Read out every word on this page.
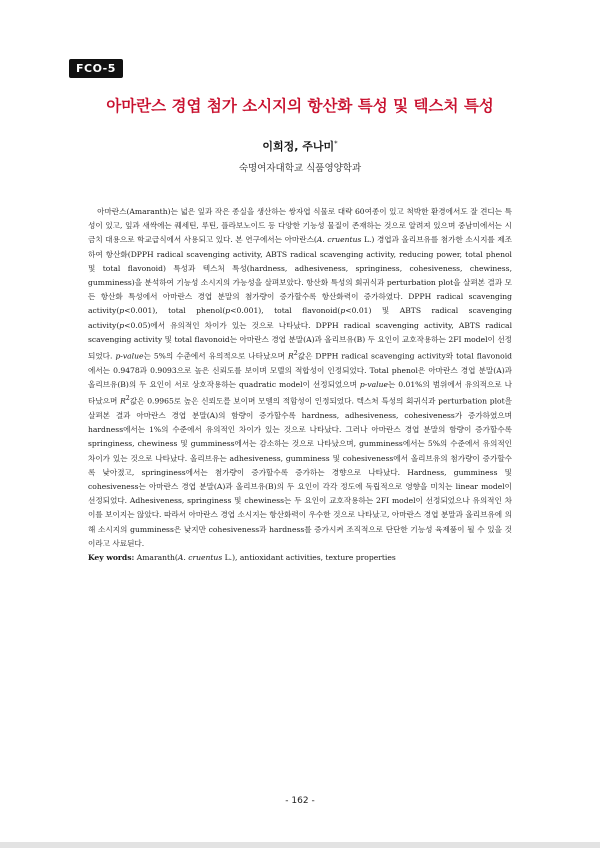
FCO-5
아마란스 경엽 첨가 소시지의 항산화 특성 및 텍스처 특성
이희정, 주나미*
숙명여자대학교 식품영양학과

아마란스(Amaranth)는 넓은 잎과 작은 종실을 생산하는 쌍자엽 식물로 대략 60여종이 있고 척박한 환경에서도 잘 견디는 특성이 있고, 잎과 새싹에는 퀘세틴, 루틴, 플라보노이드 등 다양한 기능성 물질이 존재하는 것으로 알려져 있으며 중남미에서는 시금치 대용으로 학교급식에서 사용되고 있다. 본 연구에서는 아마란스(A. cruentus L.) 경엽과 올리브유를 첨가한 소시지를 제조하여 항산화(DPPH radical scavenging activity, ABTS radical scavenging activity, reducing power, total phenol 및 total flavonoid) 특성과 텍스처 특성(hardness, adhesiveness, springiness, cohesiveness, chewiness, gumminess)을 분석하여 기능성 소시지의 가능성을 살펴보았다. 항산화 특성의 회귀식과 perturbation plot을 살펴본 결과 모든 항산화 특성에서 아마란스 경엽 분말의 첨가량이 증가할수록 항산화력이 증가하였다. DPPH radical scavenging activity(p<0.001), total phenol(p<0.001), total flavonoid(p<0.01) 및 ABTS radical scavenging activity(p<0.05)에서 유의적인 차이가 있는 것으로 나타났다. DPPH radical scavenging activity, ABTS radical scavenging activity 및 total flavonoid는 아마란스 경엽 분말(A)과 올리브유(B) 두 요인이 교호작용하는 2FI model이 선정되었다. p-value는 5%의 수준에서 유의적으로 나타났으며 $R^2$값은 DPPH radical scavenging activity와 total flavonoid에서는 0.9478과 0.9093으로 높은 신뢰도를 보이며 모델의 적합성이 인정되었다. Total phenol은 아마란스 경엽 분말(A)과 올리브유(B)의 두 요인이 서로 상호작용하는 quadratic model이 선정되었으며 p-value는 0.01%의 범위에서 유의적으로 나타났으며 $R^2$값은 0.9965로 높은 신뢰도를 보이며 모델의 적합성이 인정되었다. 텍스처 특성의 회귀식과 perturbation plot을 살펴본 결과 아마란스 경엽 분말(A)의 함량이 증가할수록 hardness, adhesiveness, cohesiveness가 증가하였으며 hardness에서는 1%의 수준에서 유의적인 차이가 있는 것으로 나타났다. 그러나 아마란스 경엽 분말의 함량이 증가할수록 springiness, chewiness 및 gumminess에서는 감소하는 것으로 나타났으며, gumminess에서는 5%의 수준에서 유의적인 차이가 있는 것으로 나타났다. 올리브유는 adhesiveness, gumminess 및 cohesiveness에서 올리브유의 첨가량이 증가할수록 낮아졌고, springiness에서는 첨가량이 증가할수록 증가하는 경향으로 나타났다. Hardness, gumminess 및 cohesiveness는 아마란스 경엽 분말(A)과 올리브유(B)의 두 요인이 각각 정도에 독립적으로 영향을 미치는 linear model이 선정되었다. Adhesiveness, springiness 및 chewiness는 두 요인이 교호작용하는 2FI model이 선정되었으나 유의적인 차이를 보이지는 않았다. 따라서 아마란스 경엽 소시지는 항산화력이 우수한 것으로 나타났고, 아마란스 경엽 분말과 올리브유에 의해 소시지의 gumminess은 낮지만 cohesiveness과 hardness를 증가시켜 조직적으로 단단한 기능성 육제품이 될 수 있을 것이라고 사료된다.

Key words: Amaranth(A. cruentus L.), antioxidant activities, texture properties

- 162 -
